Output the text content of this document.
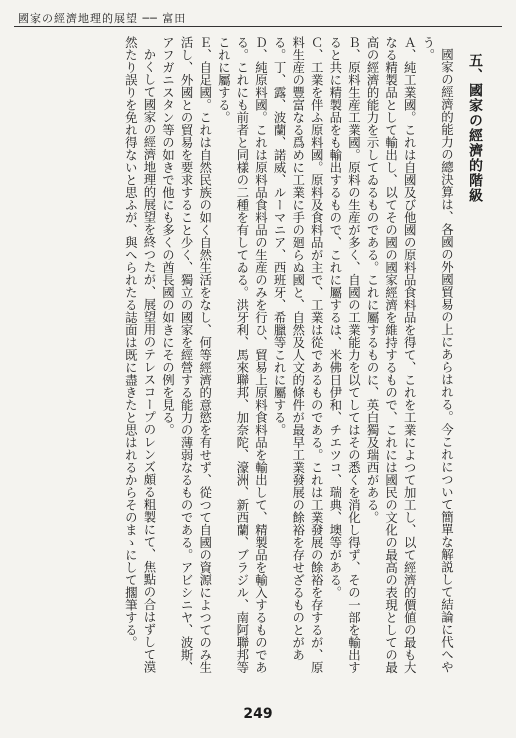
國家の經濟地理的展望 ── 富田
五、國家の經濟的階級

國家の經濟的能力の總決算は、各國の外國貿易の上にあらはれる。今これについて簡單な解説して結論に代へやう。

Ａ、純工業國。これは自國及び他國の原料品食料品を得て、これを工業によつて加工し、以て經濟的價値の最も大なる精製品として輸出し、以てその國の國家經濟を維持するもので、これには國民の文化の最高の表現としての最高の經濟的能力を示してゐるものである。これに屬するものに、英白獨及瑞西がある。

Ｂ、原料生産工業國。原料の生産が多く、自國の工業能力を以てしてはその悉くを消化し得ず、その一部を輸出すると共に精製品をも輸出するもので、これに屬するは、米佛日伊和、チエツコ、瑞典、墺等がある。

Ｃ、工業を伴ふ原料國。原料及食料品が主で、工業は從であるものである。これは工業發展の餘裕を存するが、原料生産の豐富なる爲めに工業に手の廻らぬ國と、自然及人文的條件が最早工業發展の餘裕を存せざるものとがある。丁、露、波蘭、諾威、ルーマニア、西班牙、希臘等これに屬する。

Ｄ、純原料國。これは原料品食料品の生産のみを行ひ、貿易上原料食料品を輸出して、精製品を輸入するものである。これにも前者と同樣の二種を有してゐる。洪牙利、馬來聯邦、加奈陀、濠洲、新西蘭、ブラジル、南阿聯邦等これに屬する。

Ｅ、自足國。これは自然民族の如く自然生活をなし、何等經濟的意慾を有せず、從つて自國の資源によつてのみ生活し、外國との貿易を要求すること少く、獨立の國家を經營する能力の薄弱なるものである。アビシニヤ、波斯、アフガニスタン等の如きで他にも多くの酋長國の如きにその例を見る。

かくして國家の經濟地理的展望を終つたが、展望用のテレスコープのレンズ頗る粗製にて、焦點の合はずして漠然たり誤りを免れ得ないと思ふが、與へられたる誌面は既に盡きたと思はれるからそのまゝにして擱筆する。

249
